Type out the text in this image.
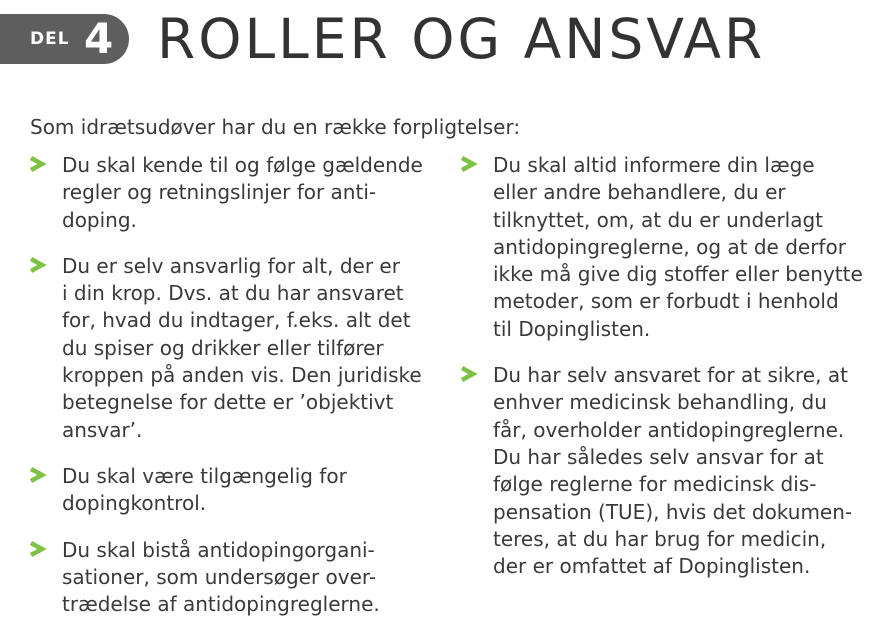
DEL 4 ROLLER OG ANSVAR

Som idrætsudøver har du en række forpligtelser:

Du skal kende til og følge gældende
regler og retningslinjer for anti-
doping.

Du er selv ansvarlig for alt, der er
i din krop. Dvs. at du har ansvaret
for, hvad du indtager, f.eks. alt det
du spiser og drikker eller tilfører
kroppen på anden vis. Den juridiske
betegnelse for dette er ’objektivt
ansvar’.

Du skal være tilgængelig for
dopingkontrol.

Du skal bistå antidopingorgani-
sationer, som undersøger over-
trædelse af antidopingreglerne.

Du skal altid informere din læge
eller andre behandlere, du er
tilknyttet, om, at du er underlagt
antidopingreglerne, og at de derfor
ikke må give dig stoffer eller benytte
metoder, som er forbudt i henhold
til Dopinglisten.

Du har selv ansvaret for at sikre, at
enhver medicinsk behandling, du
får, overholder antidopingreglerne.
Du har således selv ansvar for at
følge reglerne for medicinsk dis-
pensation (TUE), hvis det dokumen-
teres, at du har brug for medicin,
der er omfattet af Dopinglisten.
